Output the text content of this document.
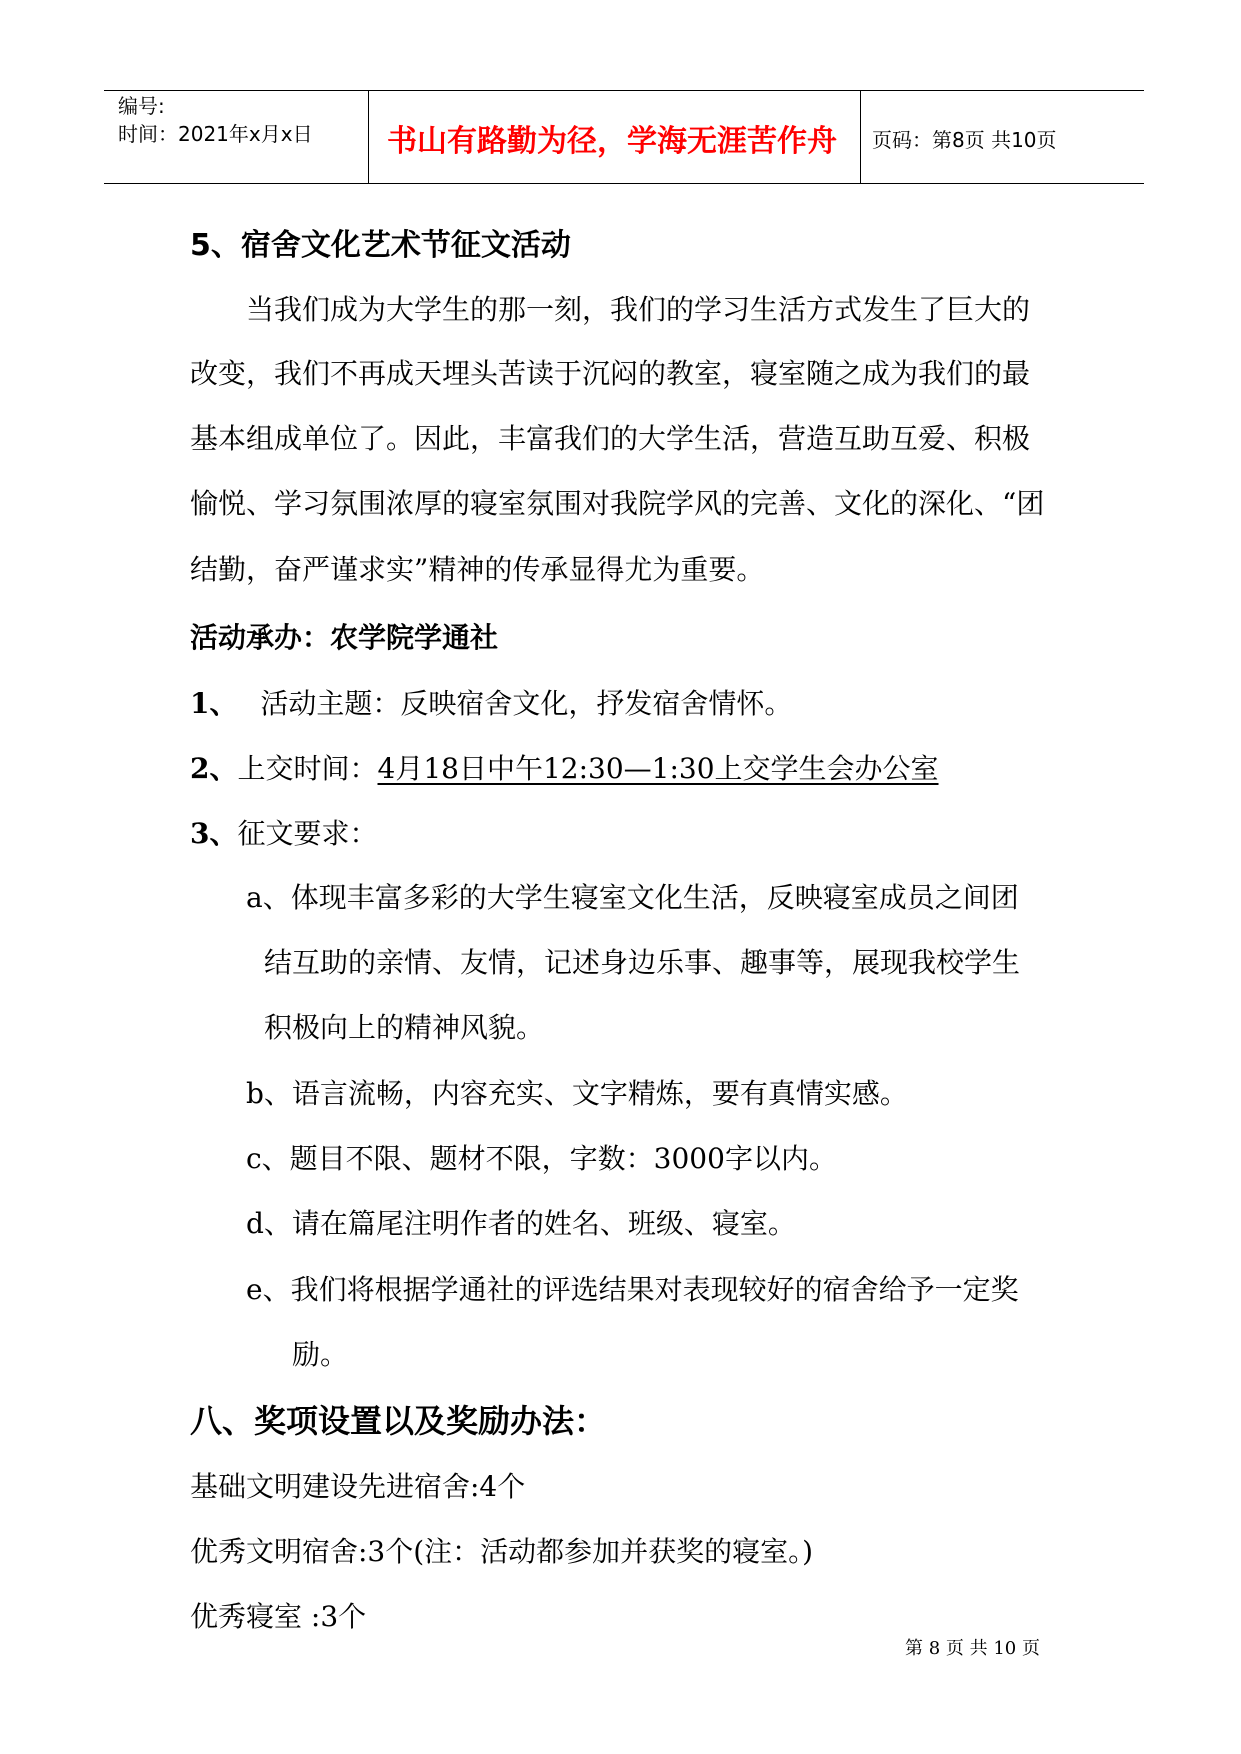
编号:
时间：2021年x月x日	书山有路勤为径，学海无涯苦作舟	页码：第8页 共10页
5、宿舍文化艺术节征文活动
当我们成为大学生的那一刻，我们的学习生活方式发生了巨大的
改变，我们不再成天埋头苦读于沉闷的教室，寝室随之成为我们的最
基本组成单位了。因此，丰富我们的大学生活，营造互助互爱、积极
愉悦、学习氛围浓厚的寝室氛围对我院学风的完善、文化的深化、“团
结勤，奋严谨求实”精神的传承显得尤为重要。
活动承办：农学院学通社
1、 活动主题：反映宿舍文化，抒发宿舍情怀。
2、上交时间：4月18日中午12:30—1:30上交学生会办公室
3、征文要求：
a、体现丰富多彩的大学生寝室文化生活，反映寝室成员之间团
结互助的亲情、友情，记述身边乐事、趣事等，展现我校学生
积极向上的精神风貌。
b、语言流畅，内容充实、文字精炼，要有真情实感。
c、题目不限、题材不限，字数：3000字以内。
d、请在篇尾注明作者的姓名、班级、寝室。
e、我们将根据学通社的评选结果对表现较好的宿舍给予一定奖
励。
八、奖项设置以及奖励办法：
基础文明建设先进宿舍:4个
优秀文明宿舍:3个(注：活动都参加并获奖的寝室。)
优秀寝室 :3个
第 8 页 共 10 页
